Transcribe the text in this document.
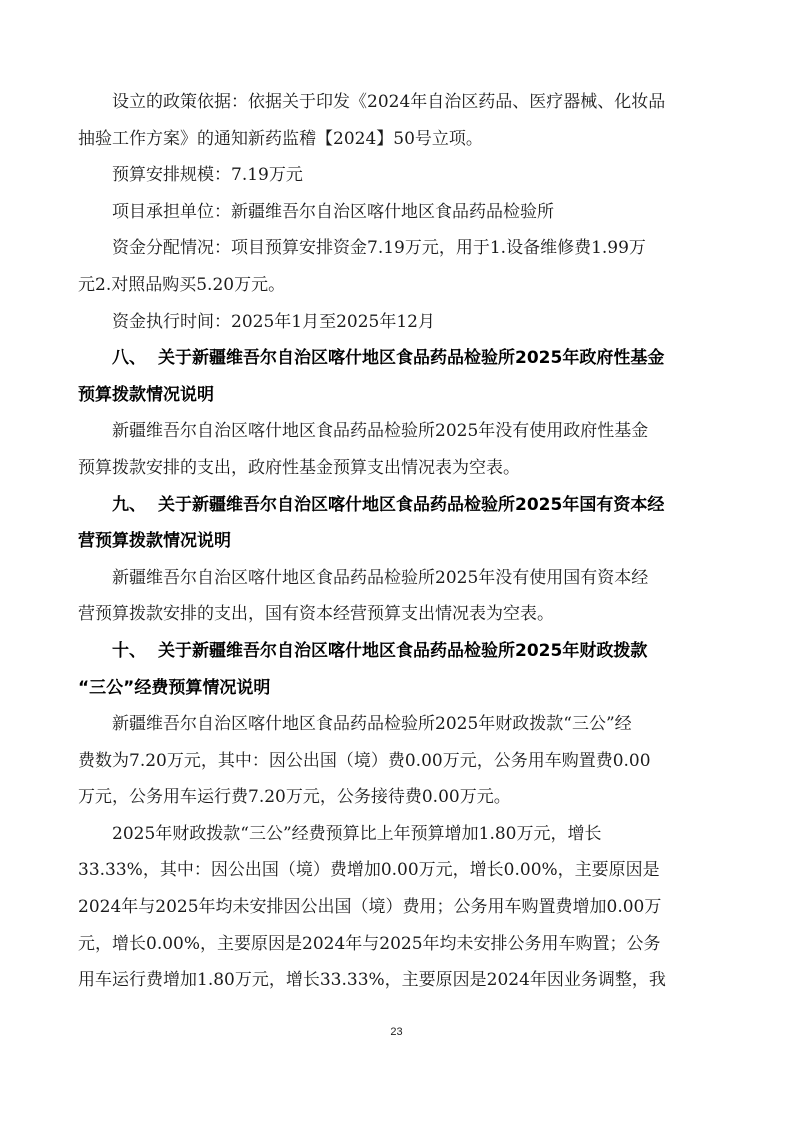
设立的政策依据：依据关于印发《2024年自治区药品、医疗器械、化妆品
抽验工作方案》的通知新药监稽【2024】50号立项。

预算安排规模：7.19万元

项目承担单位：新疆维吾尔自治区喀什地区食品药品检验所

资金分配情况：项目预算安排资金7.19万元，用于1.设备维修费1.99万
元2.对照品购买5.20万元。

资金执行时间：2025年1月至2025年12月

八、 关于新疆维吾尔自治区喀什地区食品药品检验所2025年政府性基金
预算拨款情况说明

新疆维吾尔自治区喀什地区食品药品检验所2025年没有使用政府性基金
预算拨款安排的支出，政府性基金预算支出情况表为空表。

九、 关于新疆维吾尔自治区喀什地区食品药品检验所2025年国有资本经
营预算拨款情况说明

新疆维吾尔自治区喀什地区食品药品检验所2025年没有使用国有资本经
营预算拨款安排的支出，国有资本经营预算支出情况表为空表。

十、 关于新疆维吾尔自治区喀什地区食品药品检验所2025年财政拨款
“三公”经费预算情况说明

新疆维吾尔自治区喀什地区食品药品检验所2025年财政拨款“三公”经
费数为7.20万元，其中：因公出国（境）费0.00万元，公务用车购置费0.00
万元，公务用车运行费7.20万元，公务接待费0.00万元。

2025年财政拨款“三公”经费预算比上年预算增加1.80万元，增长
33.33%，其中：因公出国（境）费增加0.00万元，增长0.00%，主要原因是
2024年与2025年均未安排因公出国（境）费用；公务用车购置费增加0.00万
元，增长0.00%，主要原因是2024年与2025年均未安排公务用车购置；公务
用车运行费增加1.80万元，增长33.33%，主要原因是2024年因业务调整，我

23
